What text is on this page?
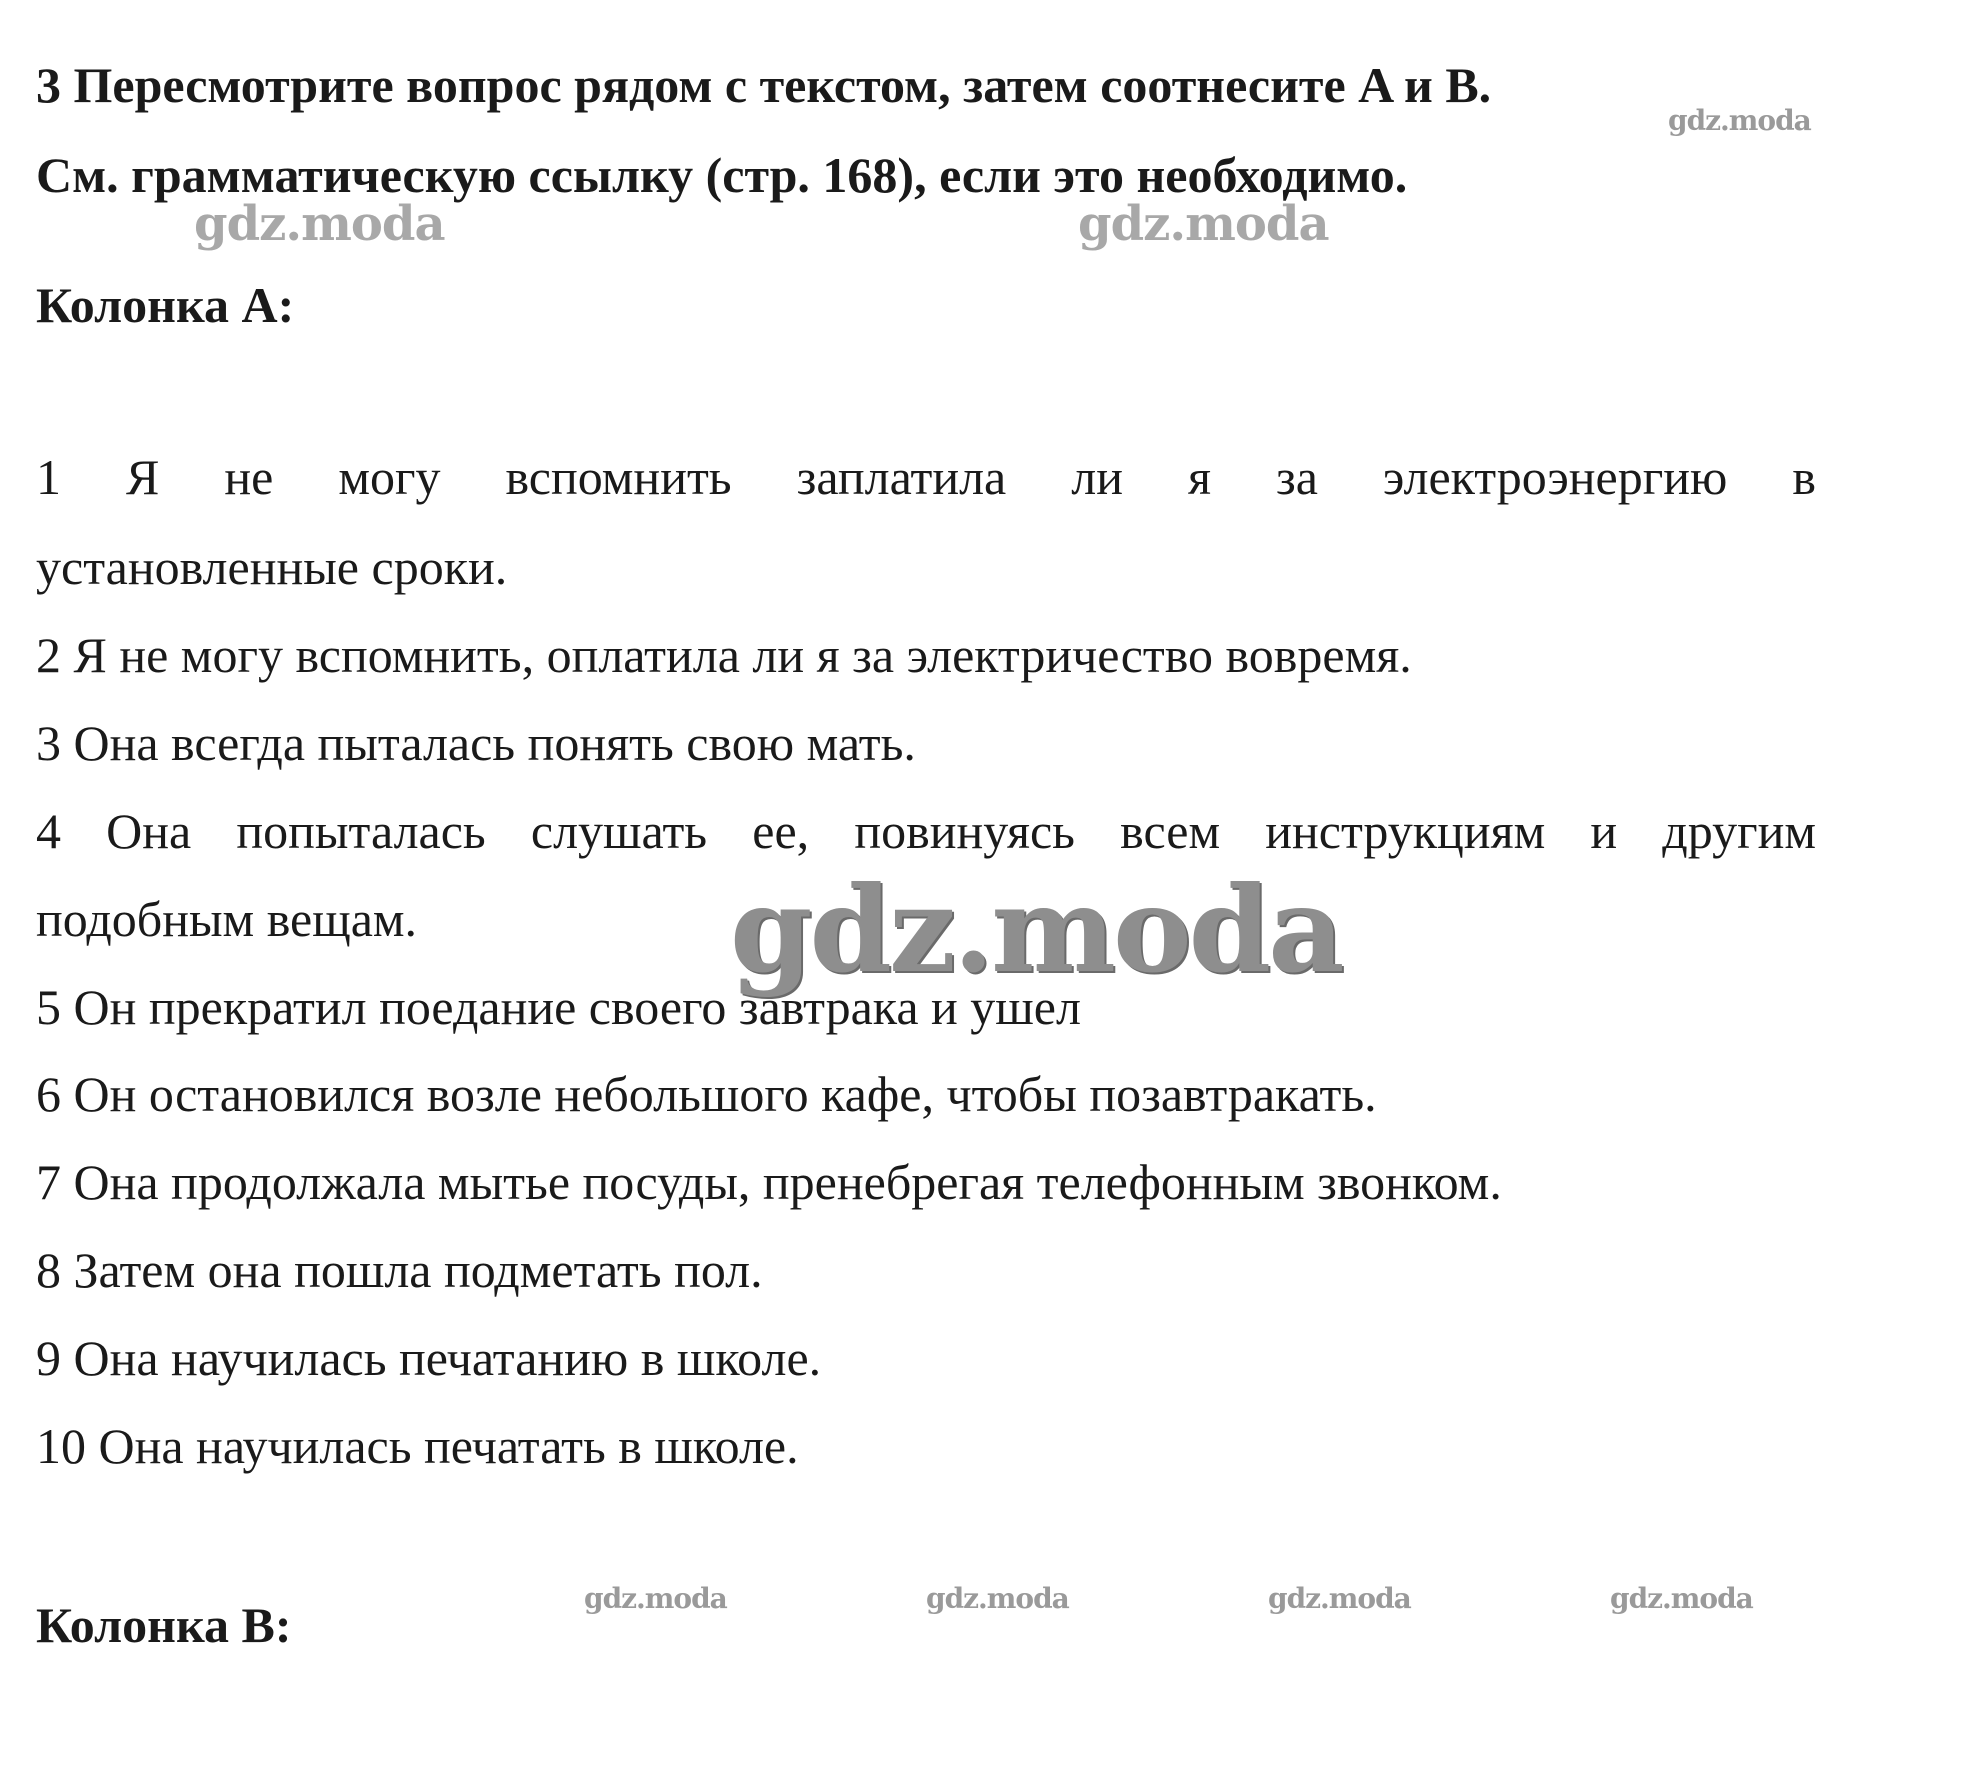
3 Пересмотрите вопрос рядом с текстом, затем соотнесите A и B.
См. грамматическую ссылку (стр. 168), если это необходимо.
Колонка А:
1 Я не могу вспомнить заплатила ли я за электроэнергию в
установленные сроки.
2 Я не могу вспомнить, оплатила ли я за электричество вовремя.
3 Она всегда пыталась понять свою мать.
4 Она попыталась слушать ее, повинуясь всем инструкциям и другим
подобным вещам.
5 Он прекратил поедание своего завтрака и ушел
6 Он остановился возле небольшого кафе, чтобы позавтракать.
7 Она продолжала мытье посуды, пренебрегая телефонным звонком.
8 Затем она пошла подметать пол.
9 Она научилась печатанию в школе.
10 Она научилась печатать в школе.
Колонка B:
gdz.moda
gdz.moda	gdz.moda
gdz.moda
gdz.moda	gdz.moda	gdz.moda	gdz.moda
